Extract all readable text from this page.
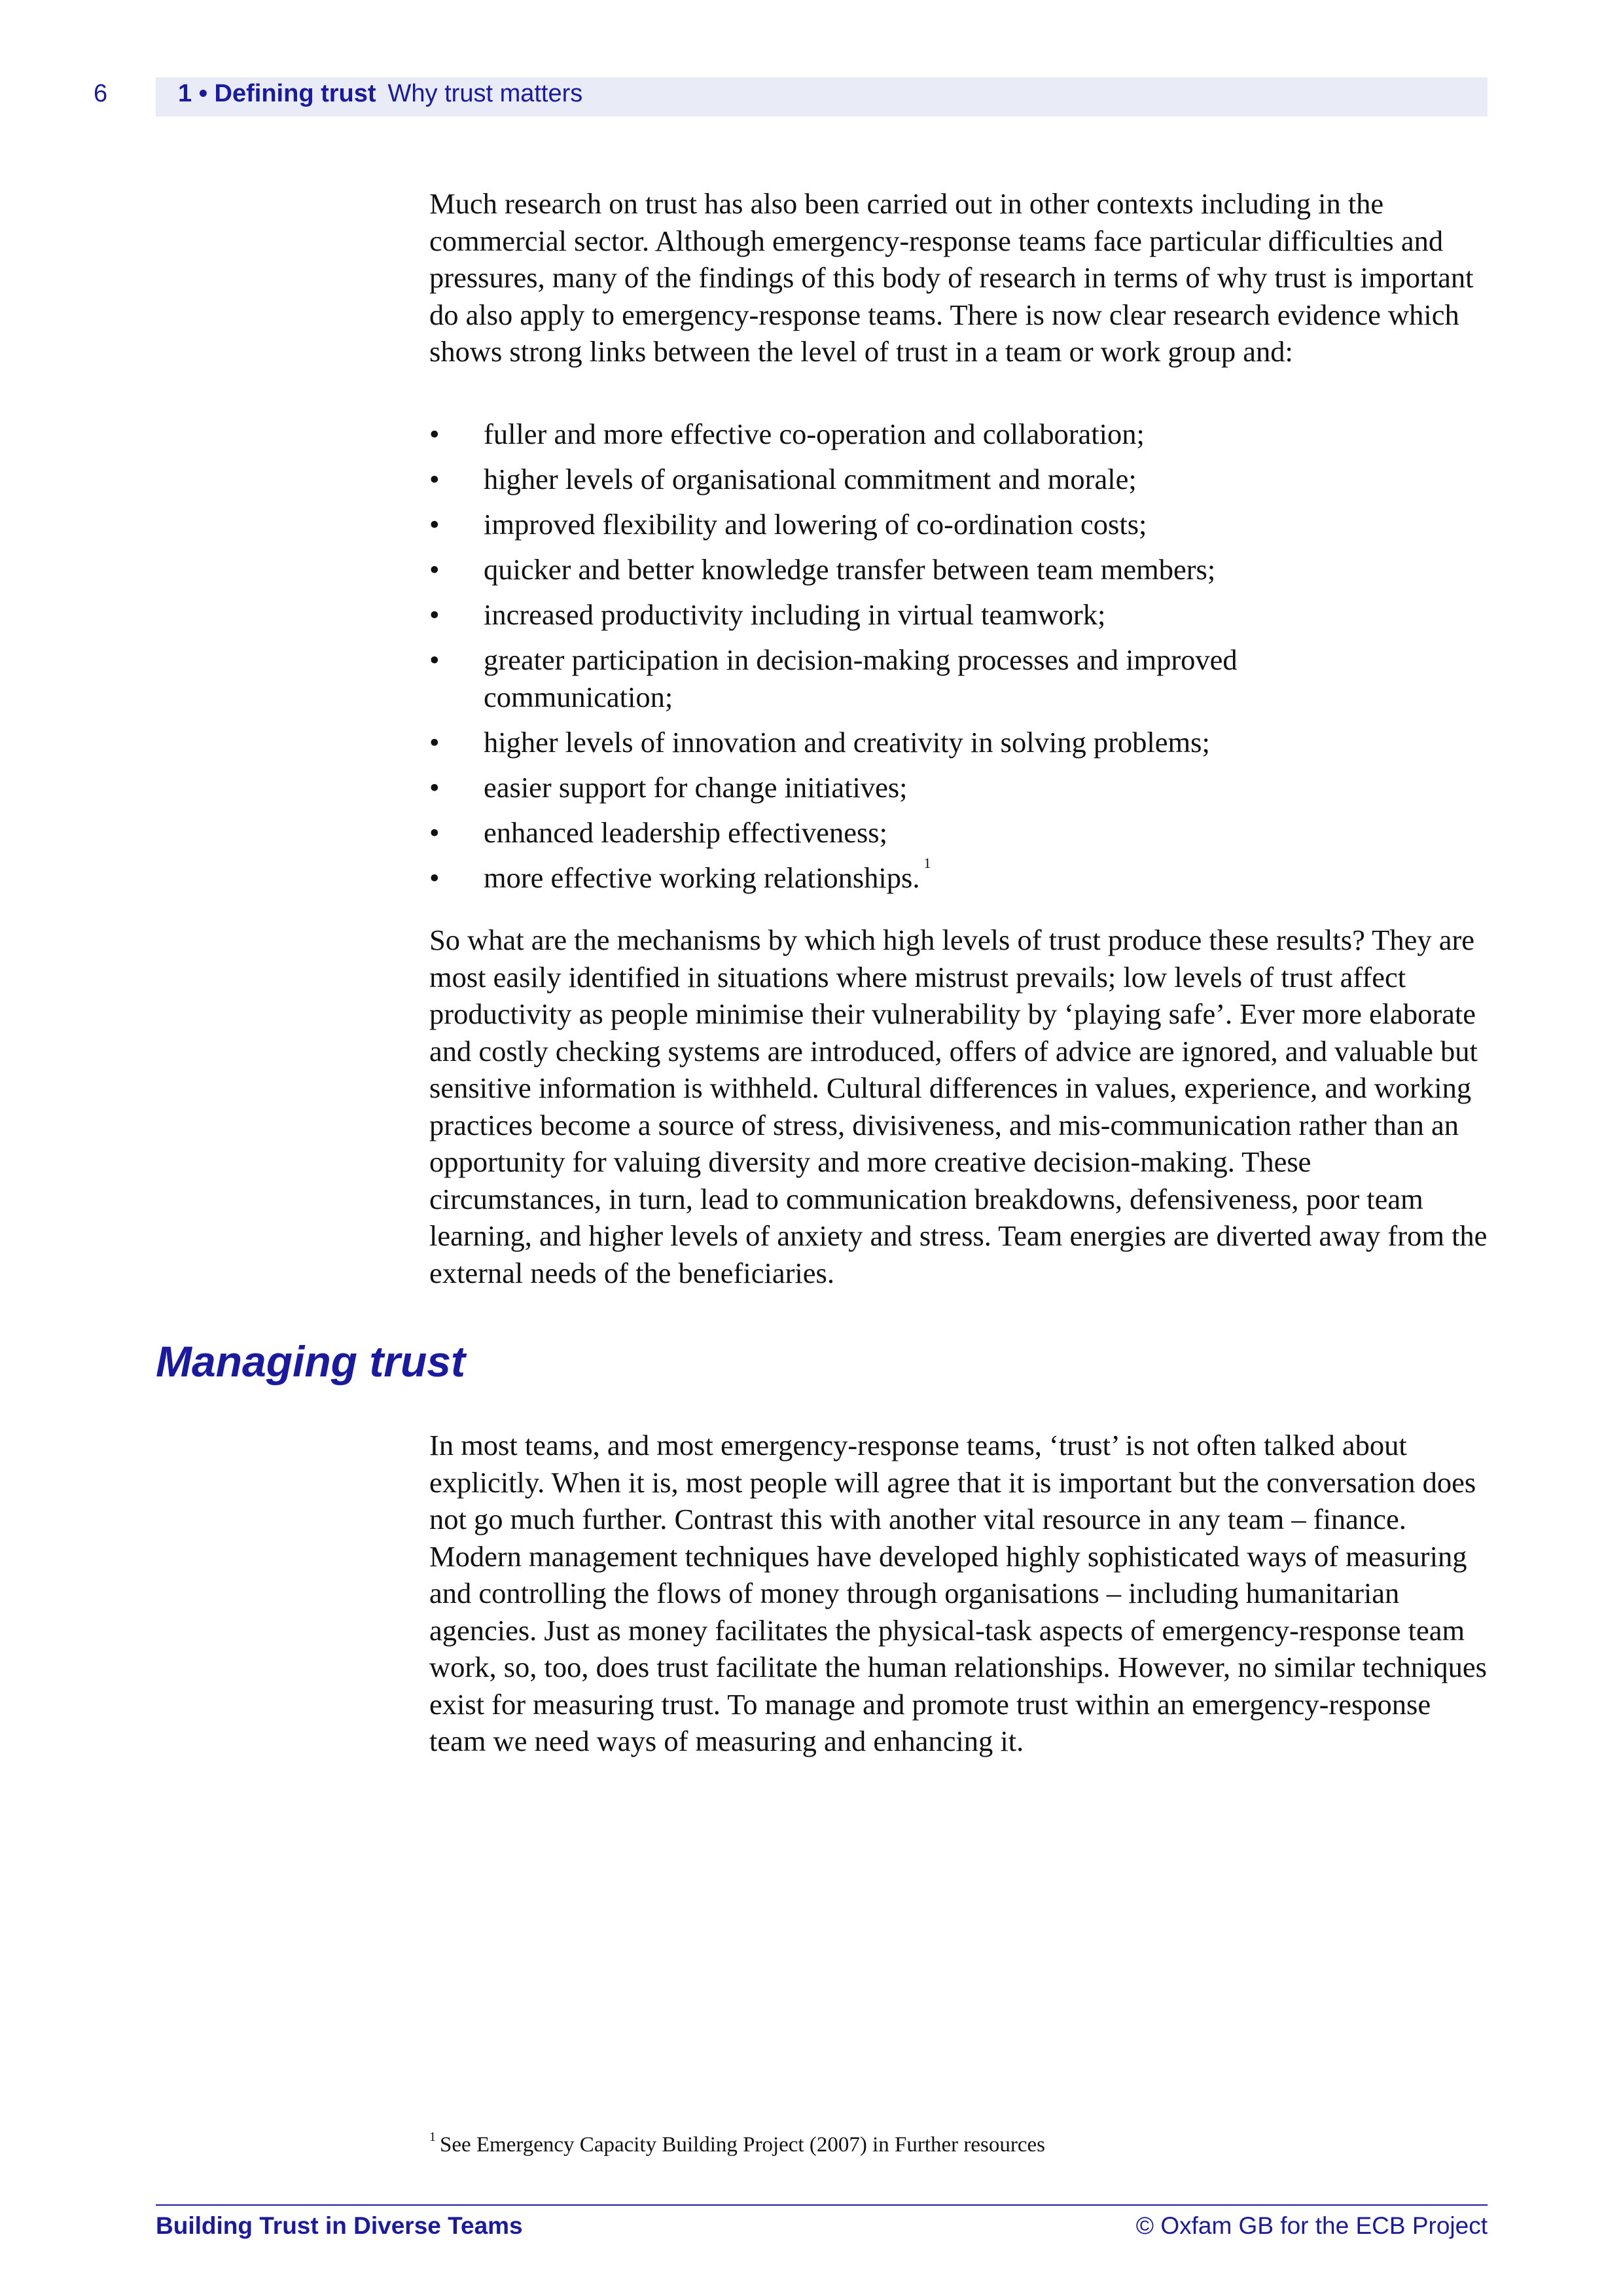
6	1 • Defining trust Why trust matters

Much research on trust has also been carried out in other contexts including in the commercial sector. Although emergency-response teams face particular difficulties and pressures, many of the findings of this body of research in terms of why trust is important do also apply to emergency-response teams. There is now clear research evidence which shows strong links between the level of trust in a team or work group and:

• fuller and more effective co-operation and collaboration;
• higher levels of organisational commitment and morale;
• improved flexibility and lowering of co-ordination costs;
• quicker and better knowledge transfer between team members;
• increased productivity including in virtual teamwork;
• greater participation in decision-making processes and improved communication;
• higher levels of innovation and creativity in solving problems;
• easier support for change initiatives;
• enhanced leadership effectiveness;
• more effective working relationships. $^1$

So what are the mechanisms by which high levels of trust produce these results? They are most easily identified in situations where mistrust prevails; low levels of trust affect productivity as people minimise their vulnerability by ‘playing safe’. Ever more elaborate and costly checking systems are introduced, offers of advice are ignored, and valuable but sensitive information is withheld. Cultural differences in values, experience, and working practices become a source of stress, divisiveness, and mis-communication rather than an opportunity for valuing diversity and more creative decision-making. These circumstances, in turn, lead to communication breakdowns, defensiveness, poor team learning, and higher levels of anxiety and stress. Team energies are diverted away from the external needs of the beneficiaries.

Managing trust

In most teams, and most emergency-response teams, ‘trust’ is not often talked about explicitly. When it is, most people will agree that it is important but the conversation does not go much further. Contrast this with another vital resource in any team – finance. Modern management techniques have developed highly sophisticated ways of measuring and controlling the flows of money through organisations – including humanitarian agencies. Just as money facilitates the physical-task aspects of emergency-response team work, so, too, does trust facilitate the human relationships. However, no similar techniques exist for measuring trust. To manage and promote trust within an emergency-response team we need ways of measuring and enhancing it.

$^1$ See Emergency Capacity Building Project (2007) in Further resources
Building Trust in Diverse Teams	© Oxfam GB for the ECB Project
